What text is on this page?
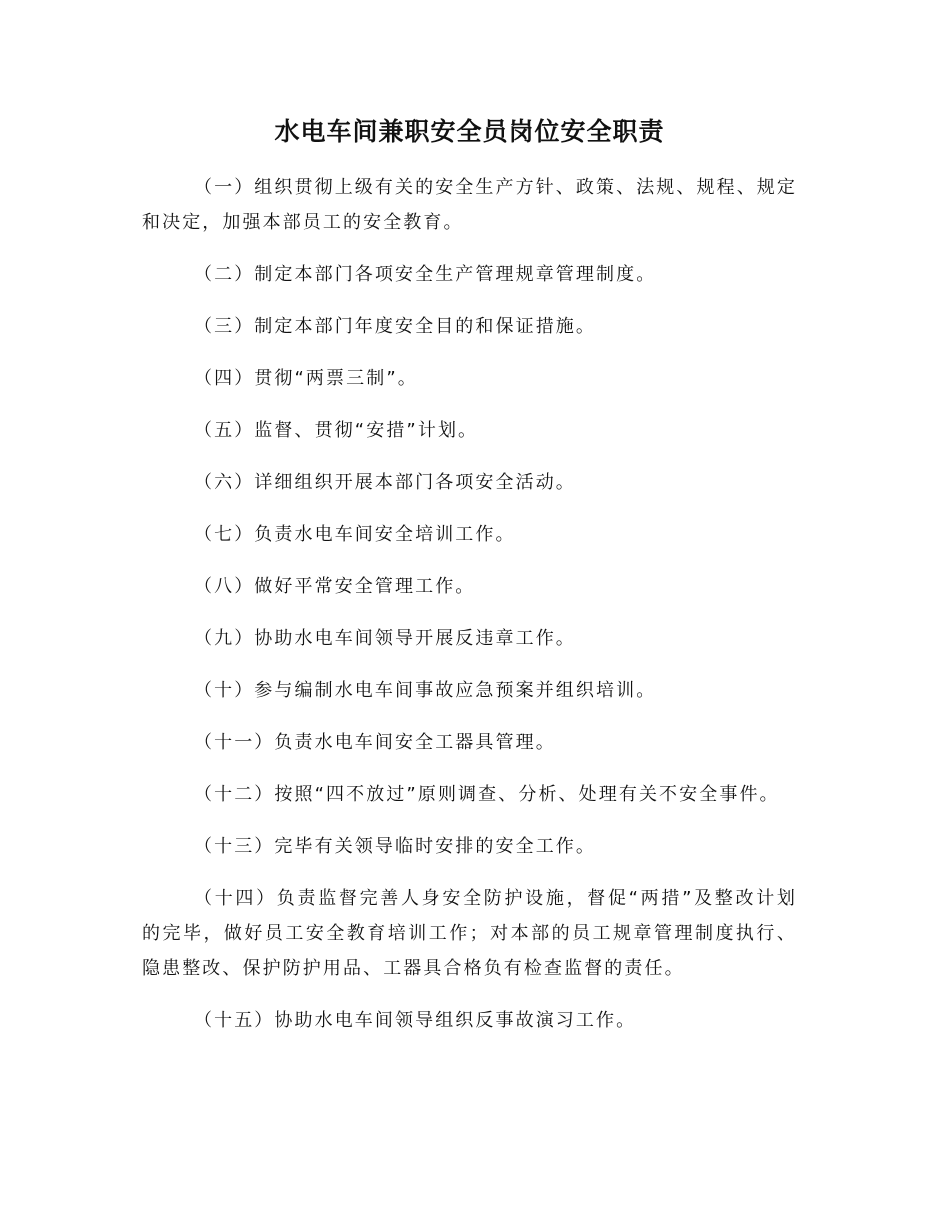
水电车间兼职安全员岗位安全职责

（一）组织贯彻上级有关的安全生产方针、政策、法规、规程、规定和决定，加强本部员工的安全教育。

（二）制定本部门各项安全生产管理规章管理制度。

（三）制定本部门年度安全目的和保证措施。

（四）贯彻“两票三制”。

（五）监督、贯彻“安措”计划。

（六）详细组织开展本部门各项安全活动。

（七）负责水电车间安全培训工作。

（八）做好平常安全管理工作。

（九）协助水电车间领导开展反违章工作。

（十）参与编制水电车间事故应急预案并组织培训。

（十一）负责水电车间安全工器具管理。

（十二）按照“四不放过”原则调查、分析、处理有关不安全事件。

（十三）完毕有关领导临时安排的安全工作。

（十四）负责监督完善人身安全防护设施，督促“两措”及整改计划的完毕，做好员工安全教育培训工作；对本部的员工规章管理制度执行、隐患整改、保护防护用品、工器具合格负有检查监督的责任。

（十五）协助水电车间领导组织反事故演习工作。
